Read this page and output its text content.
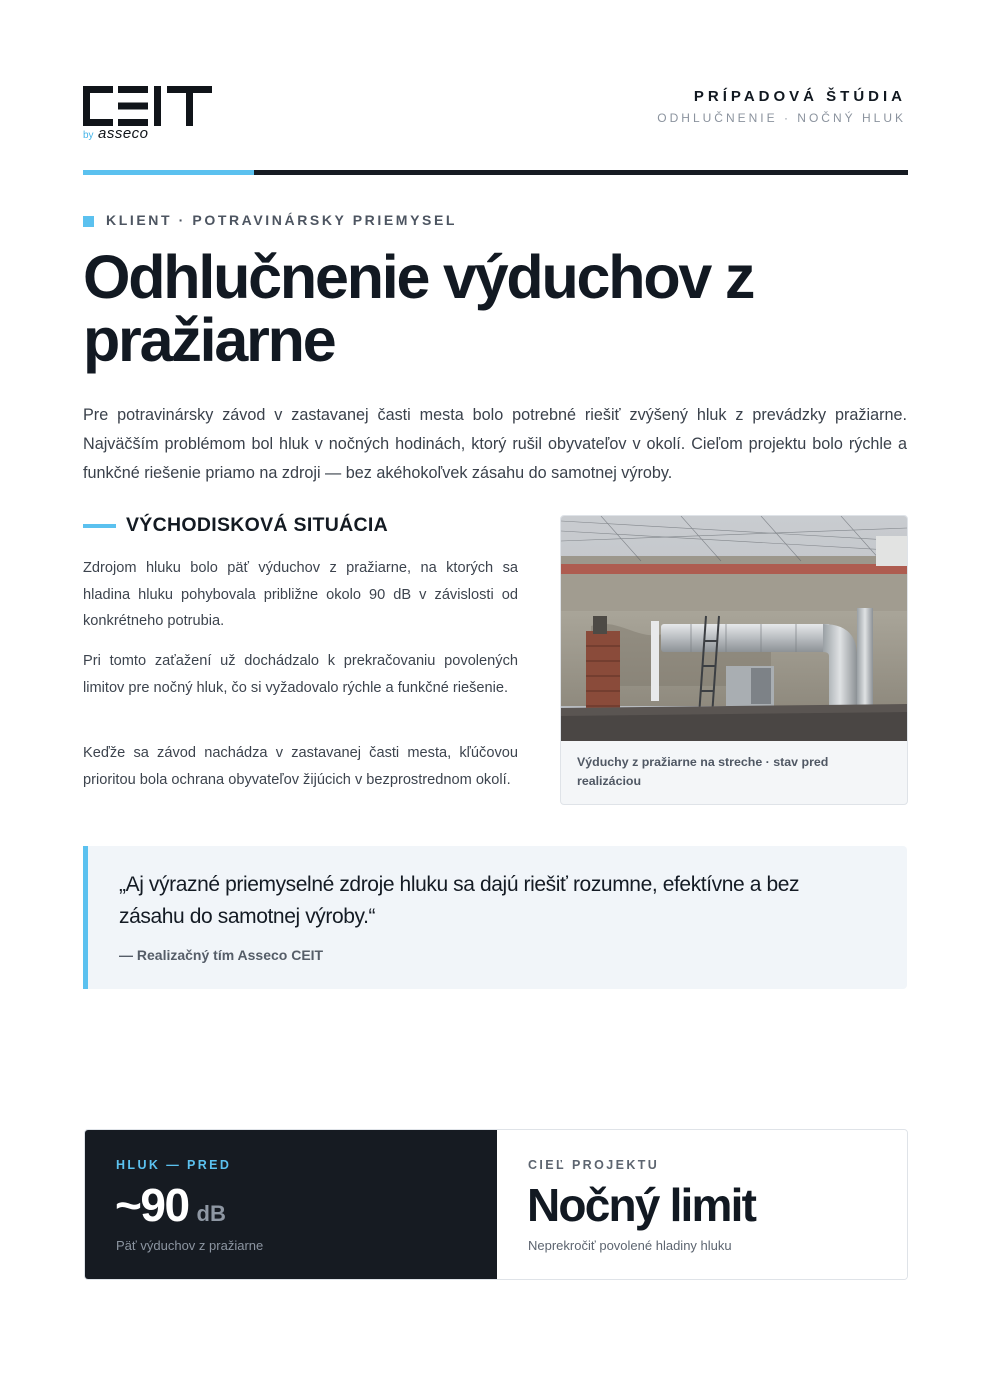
by asseco
PRÍPADOVÁ ŠTÚDIA
ODHLUČNENIE · NOČNÝ HLUK
KLIENT · POTRAVINÁRSKY PRIEMYSEL
Odhlučnenie výduchov z pražiarne

Pre potravinársky závod v zastavanej časti mesta bolo potrebné riešiť zvýšený hluk z prevádzky pražiarne. Najväčším problémom bol hluk v nočných hodinách, ktorý rušil obyvateľov v okolí. Cieľom projektu bolo rýchle a funkčné riešenie priamo na zdroji — bez akéhokoľvek zásahu do samotnej výroby.

VÝCHODISKOVÁ SITUÁCIA

Zdrojom hluku bolo päť výduchov z pražiarne, na ktorých sa hladina hluku pohybovala približne okolo 90 dB v závislosti od konkrétneho potrubia.

Pri tomto zaťažení už dochádzalo k prekračovaniu povolených limitov pre nočný hluk, čo si vyžadovalo rýchle a funkčné riešenie.

Keďže sa závod nachádza v zastavanej časti mesta, kľúčovou prioritou bola ochrana obyvateľov žijúcich v bezprostrednom okolí.

Výduchy z pražiarne na streche · stav pred realizáciou

„Aj výrazné priemyselné zdroje hluku sa dajú riešiť rozumne, efektívne a bez zásahu do samotnej výroby.“

— Realizačný tím Asseco CEIT
HLUK — PRED
~90 dB
Päť výduchov z pražiarne
CIEĽ PROJEKTU
Nočný limit
Neprekročiť povolené hladiny hluku
